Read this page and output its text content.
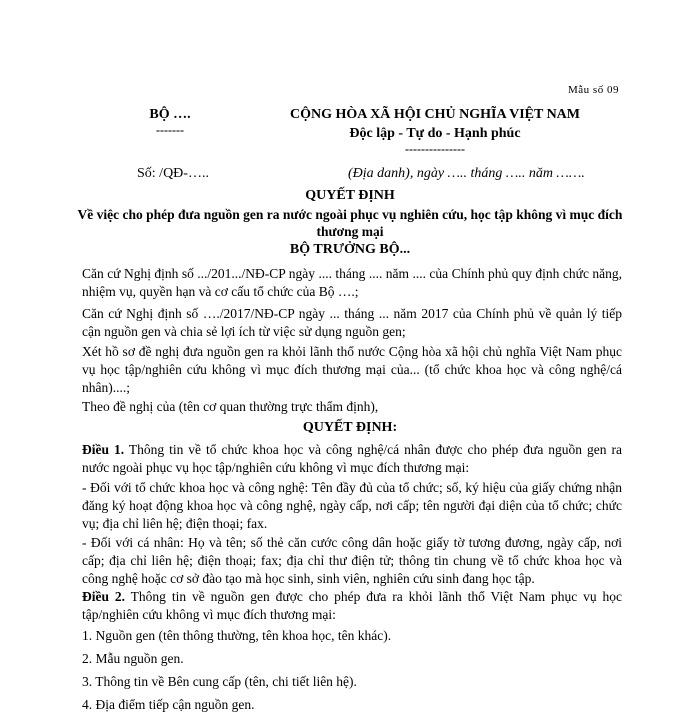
Mẫu số 09
BỘ ….
-------
CỘNG HÒA XÃ HỘI CHỦ NGHĨA VIỆT NAM
Độc lập - Tự do - Hạnh phúc
---------------
Số: /QĐ-…..	(Địa danh), ngày ….. tháng ….. năm …….
QUYẾT ĐỊNH
Về việc cho phép đưa nguồn gen ra nước ngoài phục vụ nghiên cứu, học tập không vì mục đích thương mại
BỘ TRƯỞNG BỘ...
Căn cứ Nghị định số .../201.../NĐ-CP ngày .... tháng .... năm .... của Chính phủ quy định chức năng, nhiệm vụ, quyền hạn và cơ cấu tổ chức của Bộ ….;
Căn cứ Nghị định số …./2017/NĐ-CP ngày ... tháng ... năm 2017 của Chính phủ về quản lý tiếp cận nguồn gen và chia sẻ lợi ích từ việc sử dụng nguồn gen;
Xét hồ sơ đề nghị đưa nguồn gen ra khỏi lãnh thổ nước Cộng hòa xã hội chủ nghĩa Việt Nam phục vụ học tập/nghiên cứu không vì mục đích thương mại của... (tổ chức khoa học và công nghệ/cá nhân)....;
Theo đề nghị của (tên cơ quan thường trực thẩm định),
QUYẾT ĐỊNH:
Điều 1. Thông tin về tổ chức khoa học và công nghệ/cá nhân được cho phép đưa nguồn gen ra nước ngoài phục vụ học tập/nghiên cứu không vì mục đích thương mại:
- Đối với tổ chức khoa học và công nghệ: Tên đầy đủ của tổ chức; số, ký hiệu của giấy chứng nhận đăng ký hoạt động khoa học và công nghệ, ngày cấp, nơi cấp; tên người đại diện của tổ chức; chức vụ; địa chỉ liên hệ; điện thoại; fax.
- Đối với cá nhân: Họ và tên; số thẻ căn cước công dân hoặc giấy tờ tương đương, ngày cấp, nơi cấp; địa chỉ liên hệ; điện thoại; fax; địa chỉ thư điện tử; thông tin chung về tổ chức khoa học và công nghệ hoặc cơ sở đào tạo mà học sinh, sinh viên, nghiên cứu sinh đang học tập.
Điều 2. Thông tin về nguồn gen được cho phép đưa ra khỏi lãnh thổ Việt Nam phục vụ học tập/nghiên cứu không vì mục đích thương mại:
1. Nguồn gen (tên thông thường, tên khoa học, tên khác).
2. Mẫu nguồn gen.
3. Thông tin về Bên cung cấp (tên, chi tiết liên hệ).
4. Địa điểm tiếp cận nguồn gen.
